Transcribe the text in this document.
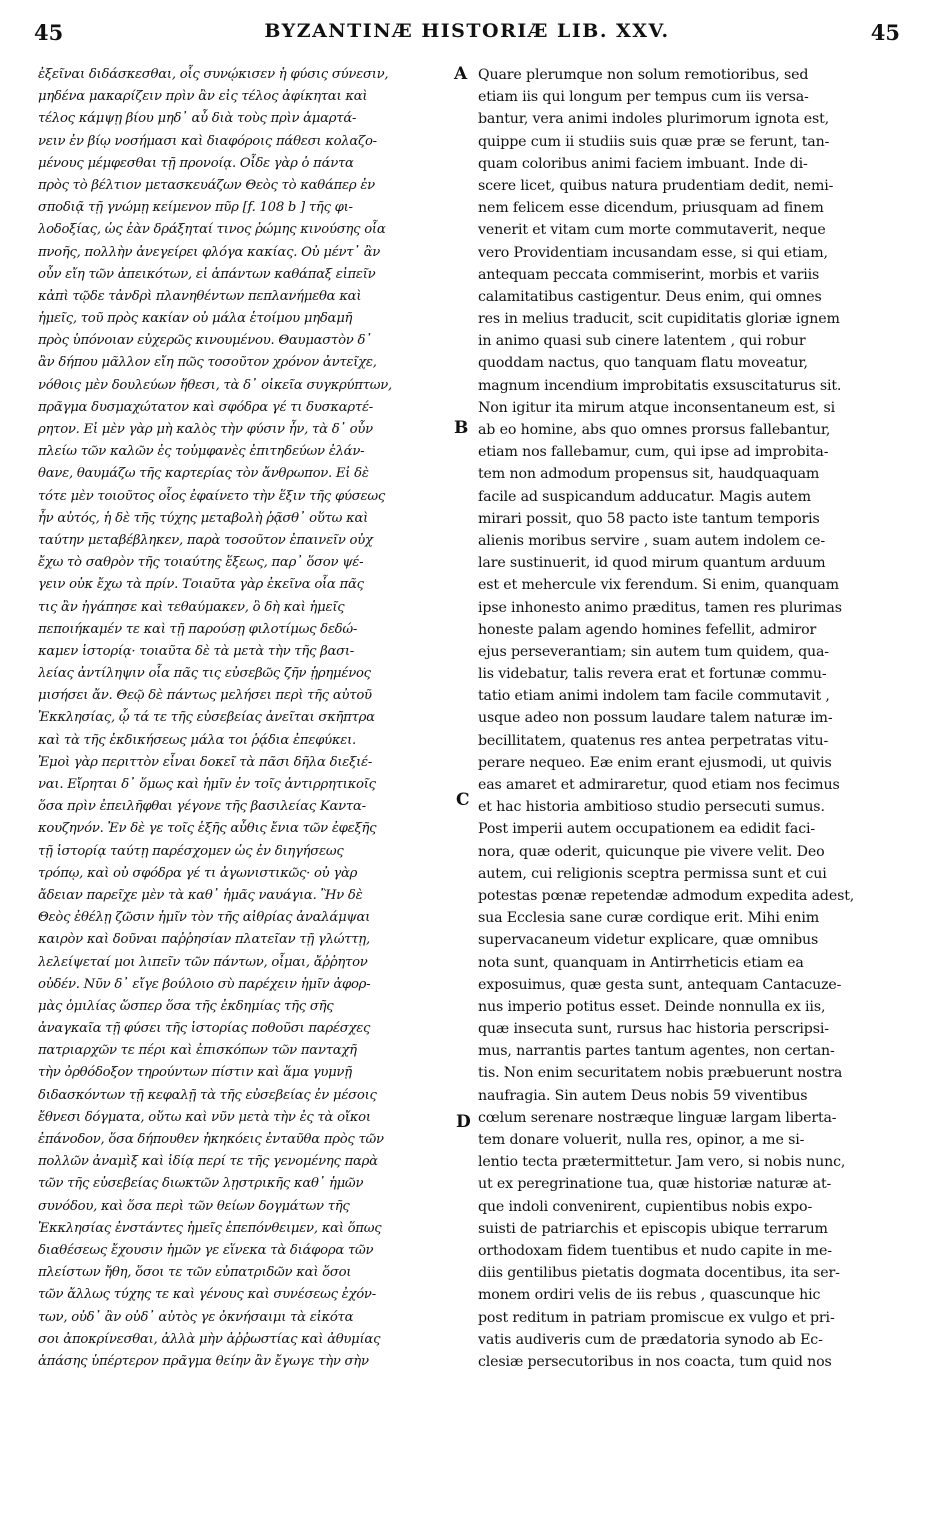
45	BYZANTINÆ HISTORIÆ LIB. XXV.	45
ἐξεῖναι διδάσκεσθαι, οἷς συνῴκισεν ἡ φύσις σύνεσιν,
μηδένα μακαρίζειν πρὶν ἂν εἰς τέλος ἀφίκηται καὶ
τέλος κάμψῃ βίου μηδ᾽ αὖ διὰ τοὺς πρὶν ἁμαρτά-
νειν ἐν βίῳ νοσήμασι καὶ διαφόροις πάθεσι κολαζο-
μένους μέμφεσθαι τῇ προνοίᾳ. Οἶδε γὰρ ὁ πάντα
πρὸς τὸ βέλτιον μετασκευάζων Θεὸς τὸ καθάπερ ἐν
σποδιᾷ τῇ γνώμῃ κείμενον πῦρ [f. 108 b ] τῆς φι-
λοδοξίας, ὡς ἐὰν δράξηταί τινος ῥώμης κινούσης οἷα
πνοῆς, πολλὴν ἀνεγείρει φλόγα κακίας. Οὐ μέντ᾽ ἂν
οὖν εἴη τῶν ἀπεικότων, εἰ ἁπάντων καθάπαξ εἰπεῖν
κἀπὶ τῷδε τἀνδρὶ πλανηθέντων πεπλανήμεθα καὶ
ἡμεῖς, τοῦ πρὸς κακίαν οὐ μάλα ἑτοίμου μηδαμῆ
πρὸς ὑπόνοιαν εὐχερῶς κινουμένου. Θαυμαστὸν δ᾽
ἂν δήπου μᾶλλον εἴη πῶς τοσοῦτον χρόνον ἀντεῖχε,
νόθοις μὲν δουλεύων ἤθεσι, τὰ δ᾽ οἰκεῖα συγκρύπτων,
πρᾶγμα δυσμαχώτατον καὶ σφόδρα γέ τι δυσκαρτέ-
ρητον. Εἰ μὲν γὰρ μὴ καλὸς τὴν φύσιν ἦν, τὰ δ᾽ οὖν
πλείω τῶν καλῶν ἐς τοὐμφανὲς ἐπιτηδεύων ἐλάν-
θανε, θαυμάζω τῆς καρτερίας τὸν ἄνθρωπον. Εἰ δὲ
τότε μὲν τοιοῦτος οἷος ἐφαίνετο τὴν ἕξιν τῆς φύσεως
ἦν αὐτός, ἡ δὲ τῆς τύχης μεταβολὴ ῥᾷσθ᾽ οὕτω καὶ
ταύτην μεταβέβληκεν, παρὰ τοσοῦτον ἐπαινεῖν οὐχ
ἔχω τὸ σαθρὸν τῆς τοιαύτης ἕξεως, παρ᾽ ὅσον ψέ-
γειν οὐκ ἔχω τὰ πρίν. Τοιαῦτα γὰρ ἐκεῖνα οἷα πᾶς
τις ἂν ἠγάπησε καὶ τεθαύμακεν, ὃ δὴ καὶ ἡμεῖς
πεποιήκαμέν τε καὶ τῇ παρούσῃ φιλοτίμως δεδώ-
καμεν ἱστορίᾳ· τοιαῦτα δὲ τὰ μετὰ τὴν τῆς βασι-
λείας ἀντίληψιν οἷα πᾶς τις εὐσεβῶς ζῆν ᾑρημένος
μισήσει ἄν. Θεῷ δὲ πάντως μελήσει περὶ τῆς αὐτοῦ
Ἐκκλησίας, ᾧ τά τε τῆς εὐσεβείας ἀνεῖται σκῆπτρα
καὶ τὰ τῆς ἐκδικήσεως μάλα τοι ῥᾴδια ἐπεφύκει.
Ἐμοὶ γὰρ περιττὸν εἶναι δοκεῖ τὰ πᾶσι δῆλα διεξιέ-
ναι. Εἴρηται δ᾽ ὅμως καὶ ἡμῖν ἐν τοῖς ἀντιρρητικοῖς
ὅσα πρὶν ἐπειλῆφθαι γέγονε τῆς βασιλείας Καντα-
κουζηνόν. Ἐν δὲ γε τοῖς ἑξῆς αὖθις ἔνια τῶν ἐφεξῆς
τῇ ἱστορίᾳ ταύτῃ παρέσχομεν ὡς ἐν διηγήσεως
τρόπῳ, καὶ οὐ σφόδρα γέ τι ἀγωνιστικῶς· οὐ γὰρ
ἄδειαν παρεῖχε μὲν τὰ καθ᾽ ἡμᾶς ναυάγια. Ἢν δὲ
Θεὸς ἐθέλῃ ζῶσιν ἡμῖν τὸν τῆς αἰθρίας ἀναλάμψαι
καιρὸν καὶ δοῦναι παῤῥησίαν πλατεῖαν τῇ γλώττῃ,
λελείψεταί μοι λιπεῖν τῶν πάντων, οἶμαι, ἄῤῥητον
οὐδέν. Νῦν δ᾽ εἴγε βούλοιο σὺ παρέχειν ἡμῖν ἀφορ-
μὰς ὁμιλίας ὥσπερ ὅσα τῆς ἐκδημίας τῆς σῆς
ἀναγκαῖα τῇ φύσει τῆς ἱστορίας ποθοῦσι παρέσχες
πατριαρχῶν τε πέρι καὶ ἐπισκόπων τῶν πανταχῆ
τὴν ὀρθόδοξον τηρούντων πίστιν καὶ ἅμα γυμνῇ
διδασκόντων τῇ κεφαλῇ τὰ τῆς εὐσεβείας ἐν μέσοις
ἔθνεσι δόγματα, οὕτω καὶ νῦν μετὰ τὴν ἐς τὰ οἴκοι
ἐπάνοδον, ὅσα δήπουθεν ἠκηκόεις ἐνταῦθα πρὸς τῶν
πολλῶν ἀναμὶξ καὶ ἰδίᾳ περί τε τῆς γενομένης παρὰ
τῶν τῆς εὐσεβείας διωκτῶν λῃστρικῆς καθ᾽ ἡμῶν
συνόδου, καὶ ὅσα περὶ τῶν θείων δογμάτων τῆς
Ἐκκλησίας ἐνστάντες ἡμεῖς ἐπεπόνθειμεν, καὶ ὅπως
διαθέσεως ἔχουσιν ἡμῶν γε εἵνεκα τὰ διάφορα τῶν
πλείστων ἤθη, ὅσοι τε τῶν εὐπατριδῶν καὶ ὅσοι
τῶν ἄλλως τύχης τε καὶ γένους καὶ συνέσεως ἐχόν-
των, οὐδ᾽ ἂν οὐδ᾽ αὐτὸς γε ὀκνήσαιμι τὰ εἰκότα
σοι ἀποκρίνεσθαι, ἀλλὰ μὴν ἀῤῥωστίας καὶ ἀθυμίας
ἁπάσης ὑπέρτερον πρᾶγμα θείην ἂν ἔγωγε τὴν σὴν
Quare plerumque non solum remotioribus, sed
etiam iis qui longum per tempus cum iis versa-
bantur, vera animi indoles plurimorum ignota est,
quippe cum ii studiis suis quæ præ se ferunt, tan-
quam coloribus animi faciem imbuant. Inde di-
scere licet, quibus natura prudentiam dedit, nemi-
nem felicem esse dicendum, priusquam ad finem
venerit et vitam cum morte commutaverit, neque
vero Providentiam incusandam esse, si qui etiam,
antequam peccata commiserint, morbis et variis
calamitatibus castigentur. Deus enim, qui omnes
res in melius traducit, scit cupiditatis gloriæ ignem
in animo quasi sub cinere latentem , qui robur
quoddam nactus, quo tanquam flatu moveatur,
magnum incendium improbitatis exsuscitaturus sit.
Non igitur ita mirum atque inconsentaneum est, si
ab eo homine, abs quo omnes prorsus fallebantur,
etiam nos fallebamur, cum, qui ipse ad improbita-
tem non admodum propensus sit, haudquaquam
facile ad suspicandum adducatur. Magis autem
mirari possit, quo 58 pacto iste tantum temporis
alienis moribus servire , suam autem indolem ce-
lare sustinuerit, id quod mirum quantum arduum
est et mehercule vix ferendum. Si enim, quanquam
ipse inhonesto animo præditus, tamen res plurimas
honeste palam agendo homines fefellit, admiror
ejus perseverantiam; sin autem tum quidem, qua-
lis videbatur, talis revera erat et fortunæ commu-
tatio etiam animi indolem tam facile commutavit ,
usque adeo non possum laudare talem naturæ im-
becillitatem, quatenus res antea perpetratas vitu-
perare nequeo. Eæ enim erant ejusmodi, ut quivis
eas amaret et admiraretur, quod etiam nos fecimus
et hac historia ambitioso studio persecuti sumus.
Post imperii autem occupationem ea edidit faci-
nora, quæ oderit, quicunque pie vivere velit. Deo
autem, cui religionis sceptra permissa sunt et cui
potestas pœnæ repetendæ admodum expedita adest,
sua Ecclesia sane curæ cordique erit. Mihi enim
supervacaneum videtur explicare, quæ omnibus
nota sunt, quanquam in Antirrheticis etiam ea
exposuimus, quæ gesta sunt, antequam Cantacuze-
nus imperio potitus esset. Deinde nonnulla ex iis,
quæ insecuta sunt, rursus hac historia perscripsi-
mus, narrantis partes tantum agentes, non certan-
tis. Non enim securitatem nobis præbuerunt nostra
naufragia. Sin autem Deus nobis 59 viventibus
cœlum serenare nostræque linguæ largam liberta-
tem donare voluerit, nulla res, opinor, a me si-
lentio tecta prætermittetur. Jam vero, si nobis nunc,
ut ex peregrinatione tua, quæ historiæ naturæ at-
que indoli convenirent, cupientibus nobis expo-
suisti de patriarchis et episcopis ubique terrarum
orthodoxam fidem tuentibus et nudo capite in me-
diis gentilibus pietatis dogmata docentibus, ita ser-
monem ordiri velis de iis rebus , quascunque hic
post reditum in patriam promiscue ex vulgo et pri-
vatis audiveris cum de prædatoria synodo ab Ec-
clesiæ persecutoribus in nos coacta, tum quid nos
A
B
C
D
